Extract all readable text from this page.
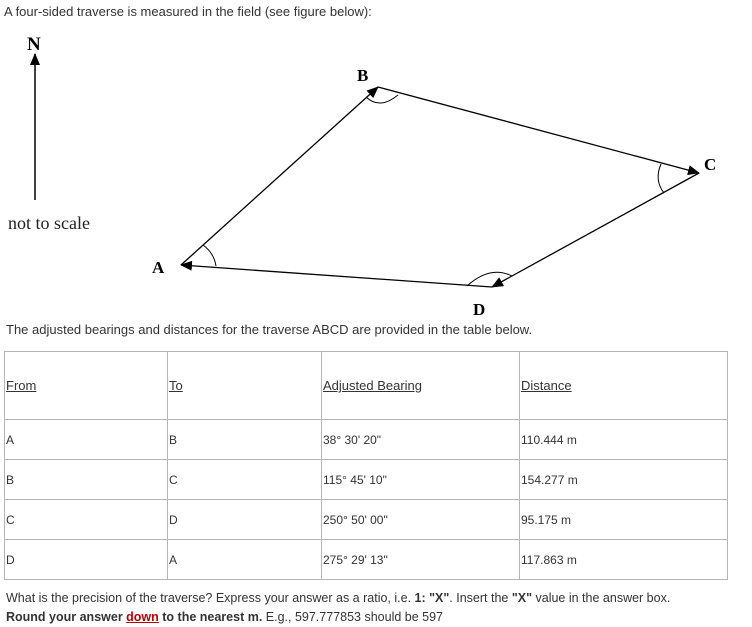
A four-sided traverse is measured in the field (see figure below):

N
not to scale
A
B
C
D

The adjusted bearings and distances for the traverse ABCD are provided in the table below.

From	To	Adjusted Bearing	Distance
A	B	38° 30' 20"	110.444 m
B	C	115° 45' 10"	154.277 m
C	D	250° 50' 00"	95.175 m
D	A	275° 29' 13"	117.863 m

What is the precision of the traverse? Express your answer as a ratio, i.e. 1: "X". Insert the "X" value in the answer box.
Round your answer down to the nearest m. E.g., 597.777853 should be 597
